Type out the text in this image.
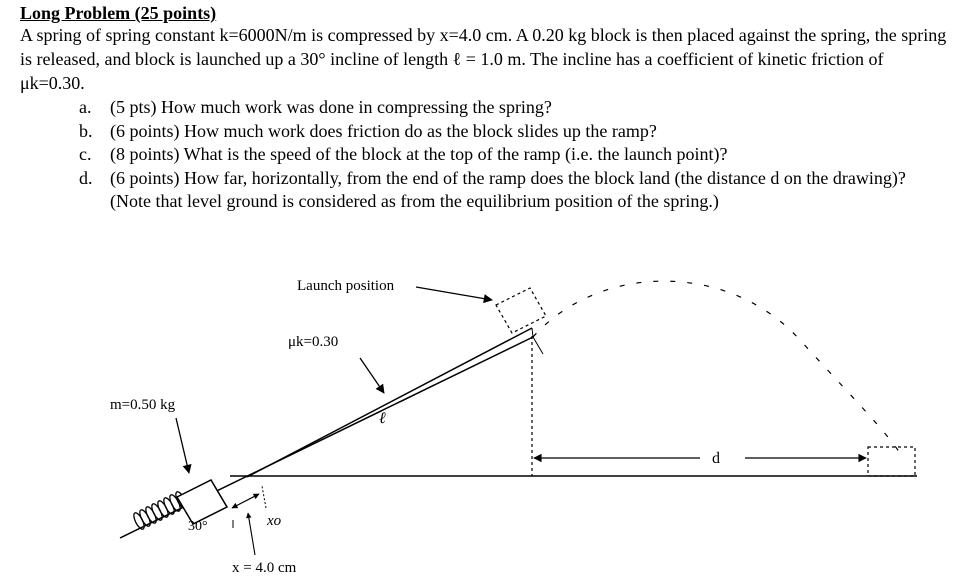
Long Problem (25 points)
A spring of spring constant k=6000N/m is compressed by x=4.0 cm. A 0.20 kg block is then placed against the spring, the spring is released, and block is launched up a 30° incline of length ℓ = 1.0 m. The incline has a coefficient of kinetic friction of μk=0.30.
a. (5 pts) How much work was done in compressing the spring?
b. (6 points) How much work does friction do as the block slides up the ramp?
c. (8 points) What is the speed of the block at the top of the ramp (i.e. the launch point)?
d. (6 points) How far, horizontally, from the end of the ramp does the block land (the distance d on the drawing)? (Note that level ground is considered as from the equilibrium position of the spring.)
Launch position
μk=0.30
m=0.50 kg
ℓ
d
30°	xo
x = 4.0 cm
